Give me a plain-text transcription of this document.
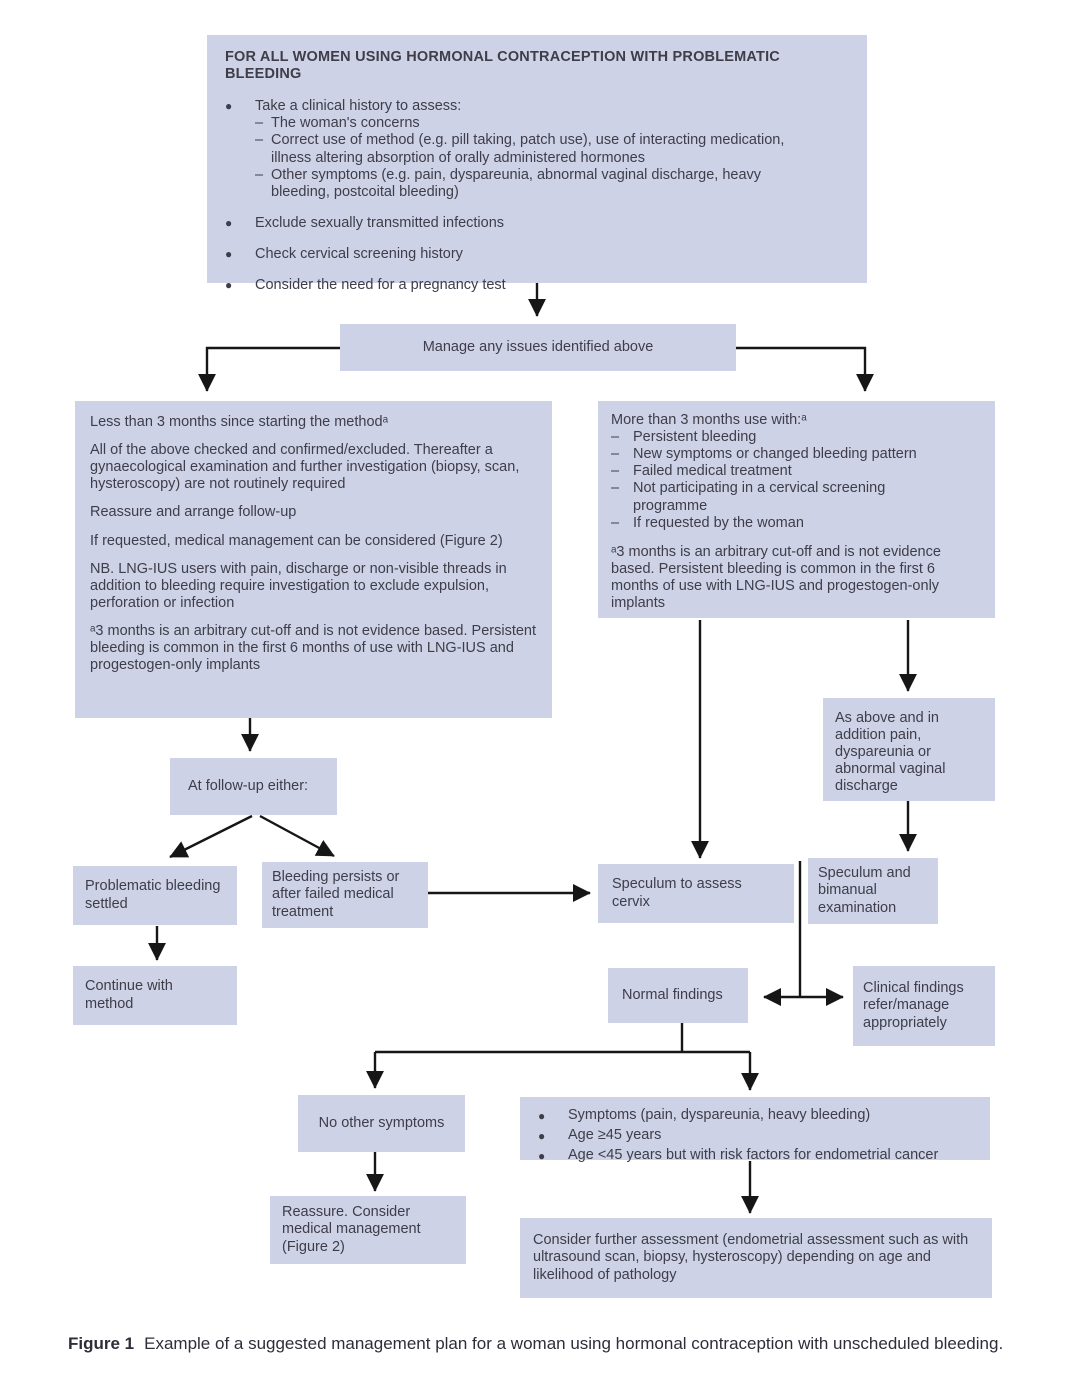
FOR ALL WOMEN USING HORMONAL CONTRACEPTION WITH PROBLEMATIC BLEEDING
●	Take a clinical history to assess:
– The woman's concerns
– Correct use of method (e.g. pill taking, patch use), use of interacting medication, illness altering absorption of orally administered hormones
– Other symptoms (e.g. pain, dyspareunia, abnormal vaginal discharge, heavy bleeding, postcoital bleeding)
●	Exclude sexually transmitted infections
●	Check cervical screening history
●	Consider the need for a pregnancy test
Manage any issues identified above

Less than 3 months since starting the methodᵃ

All of the above checked and confirmed/excluded. Thereafter a gynaecological examination and further investigation (biopsy, scan, hysteroscopy) are not routinely required

Reassure and arrange follow-up

If requested, medical management can be considered (Figure 2)

NB. LNG-IUS users with pain, discharge or non-visible threads in addition to bleeding require investigation to exclude expulsion, perforation or infection

ᵃ3 months is an arbitrary cut-off and is not evidence based. Persistent bleeding is common in the first 6 months of use with LNG-IUS and progestogen-only implants

More than 3 months use with:ᵃ
– Persistent bleeding
– New symptoms or changed bleeding pattern
– Failed medical treatment
– Not participating in a cervical screening programme
– If requested by the woman
ᵃ3 months is an arbitrary cut-off and is not evidence based. Persistent bleeding is common in the first 6 months of use with LNG-IUS and progestogen-only implants
As above and in addition pain, dyspareunia or abnormal vaginal discharge
At follow-up either:
Problematic bleeding settled
Bleeding persists or after failed medical treatment
Speculum to assess cervix
Speculum and bimanual examination
Continue with method
Normal findings	Clinical findings refer/manage appropriately
No other symptoms	●	Symptoms (pain, dyspareunia, heavy bleeding)
●	Age ≥45 years
●	Age <45 years but with risk factors for endometrial cancer
Reassure. Consider medical management (Figure 2)	Consider further assessment (endometrial assessment such as with ultrasound scan, biopsy, hysteroscopy) depending on age and likelihood of pathology
Figure 1 Example of a suggested management plan for a woman using hormonal contraception with unscheduled bleeding.
